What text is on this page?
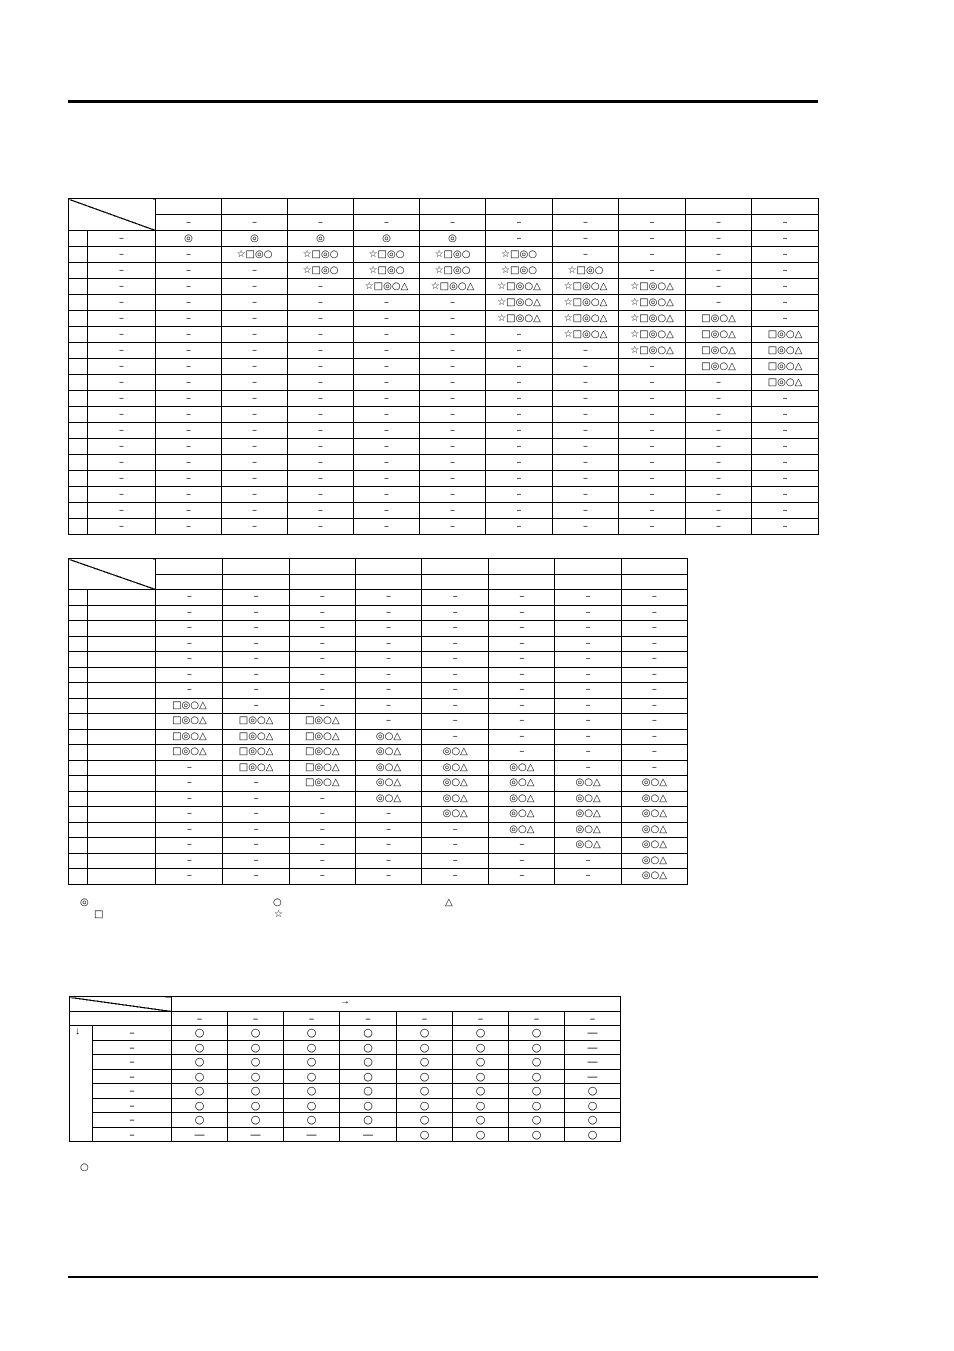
		–	–	–	–	–	–	–	–	–	–
	–	◎	◎	◎	◎	◎	–	–	–	–	–
	–	–	☆□◎○	☆□◎○	☆□◎○	☆□◎○	☆□◎○	–	–	–	–
	–	–	–	☆□◎○	☆□◎○	☆□◎○	☆□◎○	☆□◎○	–	–	–
	–	–	–	–	☆□◎○△	☆□◎○△	☆□◎○△	☆□◎○△	☆□◎○△	–	–
	–	–	–	–	–	–	☆□◎○△	☆□◎○△	☆□◎○△	–	–
	–	–	–	–	–	–	☆□◎○△	☆□◎○△	☆□◎○△	□◎○△	–
	–	–	–	–	–	–	–	☆□◎○△	☆□◎○△	□◎○△	□◎○△
	–	–	–	–	–	–	–	–	☆□◎○△	□◎○△	□◎○△
	–	–	–	–	–	–	–	–	–	□◎○△	□◎○△
	–	–	–	–	–	–	–	–	–	–	□◎○△
	–	–	–	–	–	–	–	–	–	–	–
	–	–	–	–	–	–	–	–	–	–	–
	–	–	–	–	–	–	–	–	–	–	–
	–	–	–	–	–	–	–	–	–	–	–
	–	–	–	–	–	–	–	–	–	–	–
	–	–	–	–	–	–	–	–	–	–	–
	–	–	–	–	–	–	–	–	–	–	–
	–	–	–	–	–	–	–	–	–	–	–
	–	–	–	–	–	–	–	–	–	–	–

		–	–	–	–	–	–	–	–
		–	–	–	–	–	–	–	–
		–	–	–	–	–	–	–	–
		–	–	–	–	–	–	–	–
		–	–	–	–	–	–	–	–
		–	–	–	–	–	–	–	–
		–	–	–	–	–	–	–	–
		□◎○△	–	–	–	–	–	–	–
		□◎○△	□◎○△	□◎○△	–	–	–	–	–
		□◎○△	□◎○△	□◎○△	◎○△	–	–	–	–
		□◎○△	□◎○△	□◎○△	◎○△	◎○△	–	–	–
		–	□◎○△	□◎○△	◎○△	◎○△	◎○△	–	–
		–	–	□◎○△	◎○△	◎○△	◎○△	◎○△	◎○△
		–	–	–	◎○△	◎○△	◎○△	◎○△	◎○△
		–	–	–	–	◎○△	◎○△	◎○△	◎○△
		–	–	–	–	–	◎○△	◎○△	◎○△
		–	–	–	–	–	–	◎○△	◎○△
		–	–	–	–	–	–	–	◎○△
		–	–	–	–	–	–	–	◎○△
◎	○	△
□	☆

		–	–	–	–	–	–	–	–
	–	○	○	○	○	○	○	○	—
	–	○	○	○	○	○	○	○	—
	–	○	○	○	○	○	○	○	—
	–	○	○	○	○	○	○	○	—
	–	○	○	○	○	○	○	○	○
	–	○	○	○	○	○	○	○	○
	–	○	○	○	○	○	○	○	○
	–	—	—	—	—	○	○	○	○
→
↓
○
